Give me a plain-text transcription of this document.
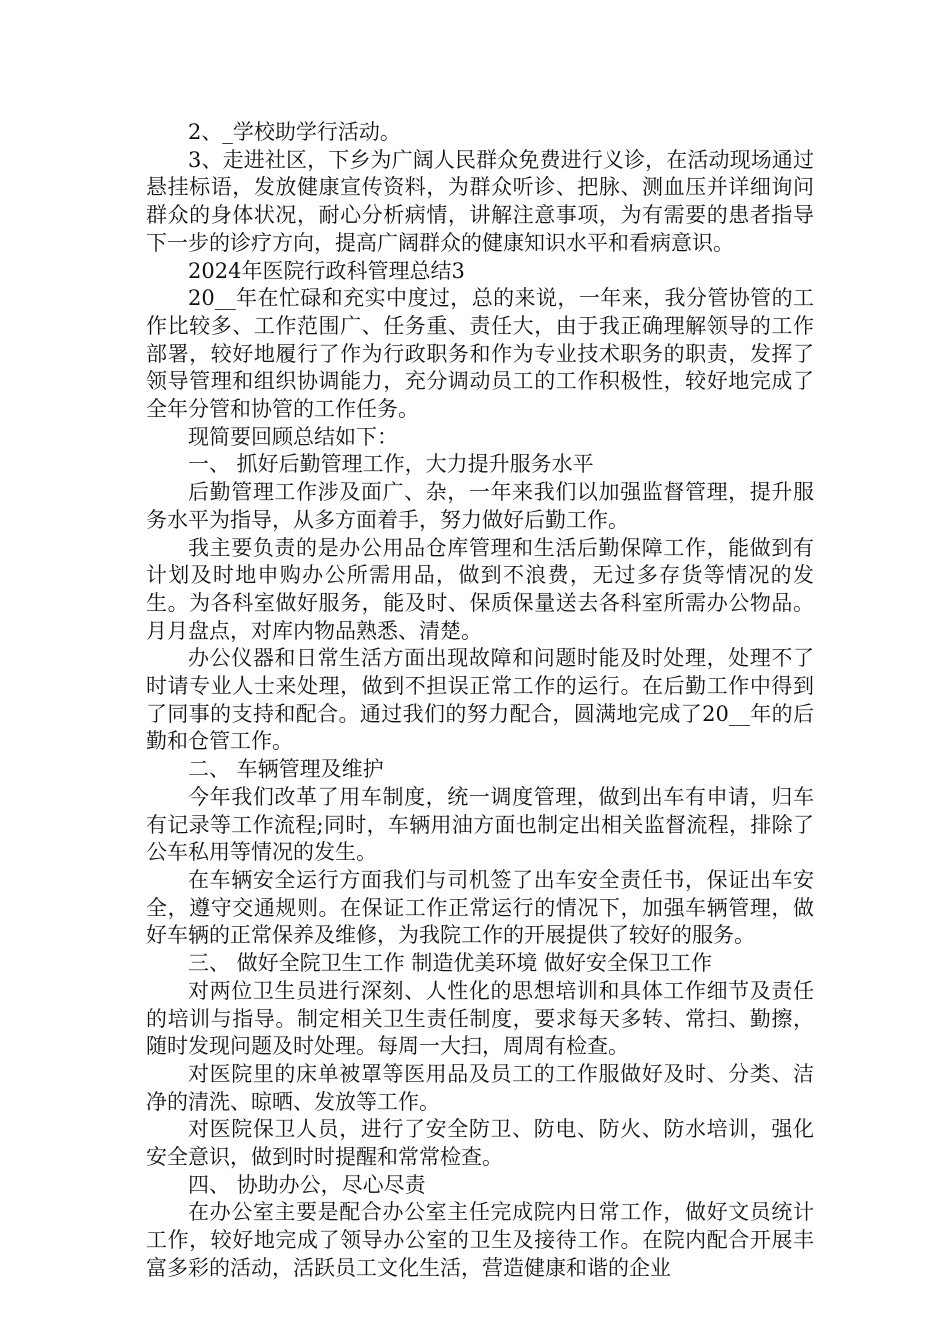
2、_学校助学行活动。

3、走进社区，下乡为广阔人民群众免费进行义诊，在活动现场通过悬挂标语，发放健康宣传资料，为群众听诊、把脉、测血压并详细询问群众的身体状况，耐心分析病情，讲解注意事项，为有需要的患者指导下一步的诊疗方向，提高广阔群众的健康知识水平和看病意识。

2024年医院行政科管理总结3

20__年在忙碌和充实中度过，总的来说，一年来，我分管协管的工作比较多、工作范围广、任务重、责任大，由于我正确理解领导的工作部署，较好地履行了作为行政职务和作为专业技术职务的职责，发挥了领导管理和组织协调能力，充分调动员工的工作积极性，较好地完成了全年分管和协管的工作任务。

现简要回顾总结如下：

一、 抓好后勤管理工作，大力提升服务水平

后勤管理工作涉及面广、杂，一年来我们以加强监督管理，提升服务水平为指导，从多方面着手，努力做好后勤工作。

我主要负责的是办公用品仓库管理和生活后勤保障工作，能做到有计划及时地申购办公所需用品，做到不浪费，无过多存货等情况的发生。为各科室做好服务，能及时、保质保量送去各科室所需办公物品。月月盘点，对库内物品熟悉、清楚。

办公仪器和日常生活方面出现故障和问题时能及时处理，处理不了时请专业人士来处理，做到不担误正常工作的运行。在后勤工作中得到了同事的支持和配合。通过我们的努力配合，圆满地完成了20__年的后勤和仓管工作。

二、 车辆管理及维护

今年我们改革了用车制度，统一调度管理，做到出车有申请，归车有记录等工作流程;同时，车辆用油方面也制定出相关监督流程，排除了公车私用等情况的发生。

在车辆安全运行方面我们与司机签了出车安全责任书，保证出车安全，遵守交通规则。在保证工作正常运行的情况下，加强车辆管理，做好车辆的正常保养及维修，为我院工作的开展提供了较好的服务。

三、 做好全院卫生工作 制造优美环境 做好安全保卫工作

对两位卫生员进行深刻、人性化的思想培训和具体工作细节及责任的培训与指导。制定相关卫生责任制度，要求每天多转、常扫、勤擦，随时发现问题及时处理。每周一大扫，周周有检查。

对医院里的床单被罩等医用品及员工的工作服做好及时、分类、洁净的清洗、晾晒、发放等工作。

对医院保卫人员，进行了安全防卫、防电、防火、防水培训，强化安全意识，做到时时提醒和常常检查。

四、 协助办公，尽心尽责

在办公室主要是配合办公室主任完成院内日常工作，做好文员统计工作，较好地完成了领导办公室的卫生及接待工作。在院内配合开展丰富多彩的活动，活跃员工文化生活，营造健康和谐的企业
